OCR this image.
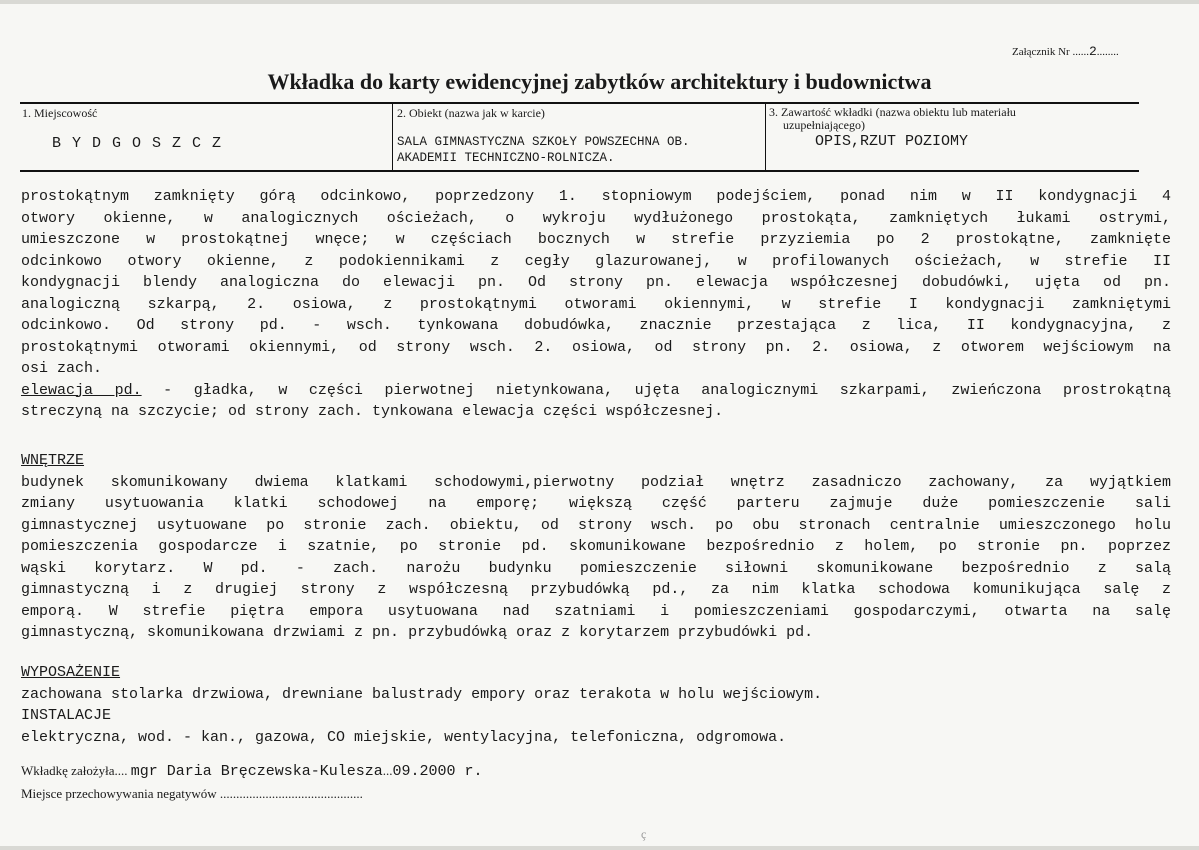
Załącznik Nr ......2........
Wkładka do karty ewidencyjnej zabytków architektury i budownictwa
1. Miejscowość
B Y D G O S Z C Z
2. Obiekt (nazwa jak w karcie)
SALA GIMNASTYCZNA SZKOŁY POWSZECHNA OB.
AKADEMII TECHNICZNO-ROLNICZA.
3. Zawartość wkładki (nazwa obiektu lub materiału
uzupełniającego)
OPIS,RZUT POZIOMY
prostokątnym zamknięty górą odcinkowo, poprzedzony 1. stopniowym podejściem, ponad nim w II kondygnacji 4
otwory okienne, w analogicznych ościeżach, o wykroju wydłużonego prostokąta, zamkniętych łukami ostrymi,
umieszczone w prostokątnej wnęce; w częściach bocznych w strefie przyziemia po 2 prostokątne, zamknięte
odcinkowo otwory okienne, z podokiennikami z cegły glazurowanej, w profilowanych ościeżach, w strefie II
kondygnacji blendy analogiczna do elewacji pn. Od strony pn. elewacja współczesnej dobudówki, ujęta od pn.
analogiczną szkarpą, 2. osiowa, z prostokątnymi otworami okiennymi, w strefie I kondygnacji zamkniętymi
odcinkowo. Od strony pd. - wsch. tynkowana dobudówka, znacznie przestająca z lica, II kondygnacyjna, z
prostokątnymi otworami okiennymi, od strony wsch. 2. osiowa, od strony pn. 2. osiowa, z otworem wejściowym na
osi zach.
elewacja pd. - gładka, w części pierwotnej nietynkowana, ujęta analogicznymi szkarpami, zwieńczona prostrokątną
streczyną na szczycie; od strony zach. tynkowana elewacja części współczesnej.
WNĘTRZE
budynek skomunikowany dwiema klatkami schodowymi,pierwotny podział wnętrz zasadniczo zachowany, za wyjątkiem
zmiany usytuowania klatki schodowej na emporę; większą część parteru zajmuje duże pomieszczenie sali
gimnastycznej usytuowane po stronie zach. obiektu, od strony wsch. po obu stronach centralnie umieszczonego holu
pomieszczenia gospodarcze i szatnie, po stronie pd. skomunikowane bezpośrednio z holem, po stronie pn. poprzez
wąski korytarz. W pd. - zach. narożu budynku pomieszczenie siłowni skomunikowane bezpośrednio z salą
gimnastyczną i z drugiej strony z współczesną przybudówką pd., za nim klatka schodowa komunikująca salę z
emporą. W strefie piętra empora usytuowana nad szatniami i pomieszczeniami gospodarczymi, otwarta na salę
gimnastyczną, skomunikowana drzwiami z pn. przybudówką oraz z korytarzem przybudówki pd.
WYPOSAŻENIE
zachowana stolarka drzwiowa, drewniane balustrady empory oraz terakota w holu wejściowym.
INSTALACJE
elektryczna, wod. - kan., gazowa, CO miejskie, wentylacyjna, telefoniczna, odgromowa.
Wkładkę założyła.... mgr Daria Bręczewska-Kulesza...09.2000 r.
Miejsce przechowywania negatywów ............................................
ç
